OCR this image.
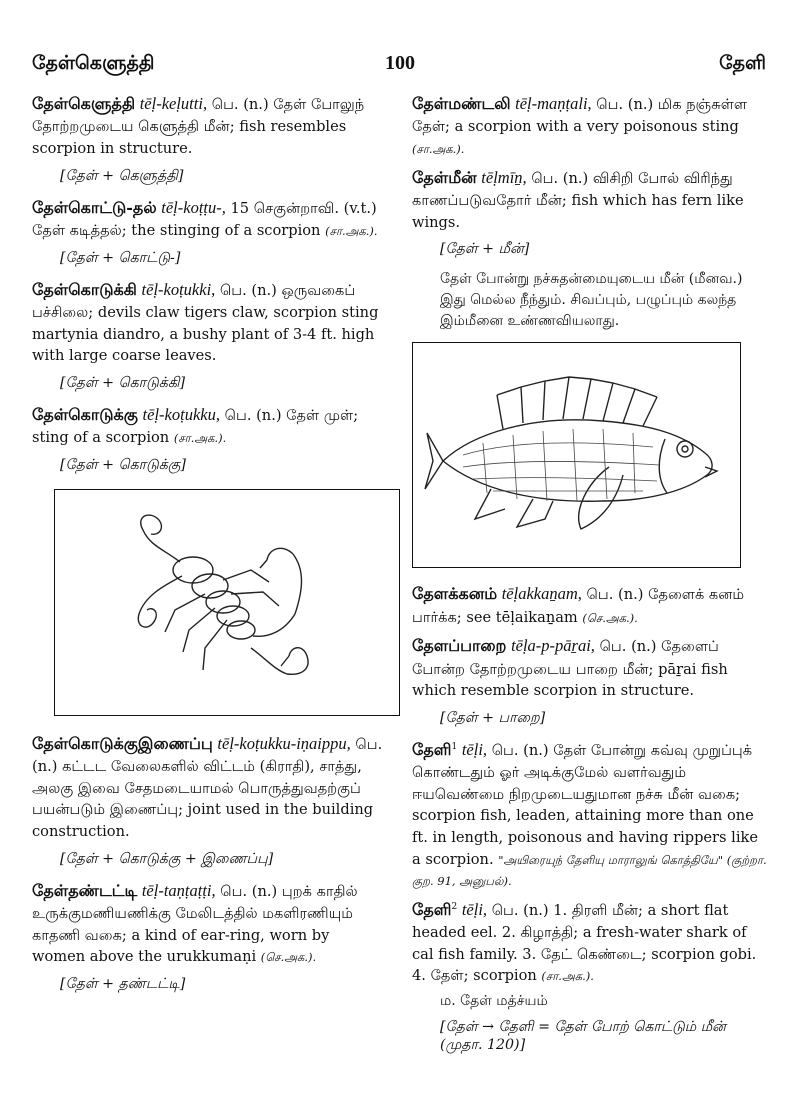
தேள்கெளுத்தி	100	தேளி
தேள்கெளுத்தி tēḷ-keḷutti, பெ. (n.) தேள் போலுந் தோற்றமுடைய கெளுத்தி மீன்; fish resembles scorpion in structure.
[தேள் + கெளுத்தி]
தேள்கொட்டு-தல் tēḷ-koṭṭu-, 15 செகுன்றாவி. (v.t.) தேள் கடித்தல்; the stinging of a scorpion (சா.அக.).
[தேள் + கொட்டு-]
தேள்கொடுக்கி tēḷ-koṭukki, பெ. (n.) ஒருவகைப் பச்சிலை; devils claw tigers claw, scorpion sting martynia diandro, a bushy plant of 3-4 ft. high with large coarse leaves.
[தேள் + கொடுக்கி]
தேள்கொடுக்கு tēḷ-koṭukku, பெ. (n.) தேள் முள்; sting of a scorpion (சா.அக.).
[தேள் + கொடுக்கு]
தேள்கொடுக்குஇணைப்பு tēḷ-koṭukku-iṇaippu, பெ. (n.) கட்டட வேலைகளில் விட்டம் (கிராதி), சாத்து, அலகு இவை சேதமடையாமல் பொருத்துவதற்குப் பயன்படும் இணைப்பு; joint used in the building construction.
[தேள் + கொடுக்கு + இணைப்பு]
தேள்தண்டட்டி tēḷ-taṇṭaṭṭi, பெ. (n.) புறக் காதில் உருக்குமணியணிக்கு மேலிடத்தில் மகளிரணியும் காதணி வகை; a kind of ear-ring, worn by women above the urukkumaṇi (செ.அக.).
[தேள் + தண்டட்டி]
தேள்மண்டலி tēḷ-maṇṭali, பெ. (n.) மிக நஞ்சுள்ள தேள்; a scorpion with a very poisonous sting (சா.அக.).
தேள்மீன் tēḷmīṉ, பெ. (n.) விசிறி போல் விரிந்து காணப்படுவதோர் மீன்; fish which has fern like wings.
[தேள் + மீன்]
தேள் போன்று நச்சுதன்மையுடைய மீன் (மீனவ.) இது மெல்ல நீந்தும். சிவப்பும், பழுப்பும் கலந்த இம்மீனை உண்ணவியலாது.
தேளக்கனம் tēḷakkaṉam, பெ. (n.) தேளைக் கனம் பார்க்க; see tēḷaikaṉam (செ.அக.).
தேளப்பாறை tēḷa-p-pāṟai, பெ. (n.) தேளைப் போன்ற தோற்றமுடைய பாறை மீன்; pāṟai fish which resemble scorpion in structure.
[தேள் + பாறை]
தேளி$^1$ tēḷi, பெ. (n.) தேள் போன்று கவ்வு முறுப்புக் கொண்டதும் ஓர் அடிக்குமேல் வளர்வதும் ஈயவெண்மை நிறமுடையதுமான நச்சு மீன் வகை; scorpion fish, leaden, attaining more than one ft. in length, poisonous and having rippers like a scorpion. "அயிரையுந் தேளியு மாராலுங் கொத்தியே" (குற்றா. குற. 91, அனுபல்).
தேளி$^2$ tēḷi, பெ. (n.) 1. திரளி மீன்; a short flat headed eel. 2. கிழாத்தி; a fresh-water shark of cal fish family. 3. தேட் கெண்டை; scorpion gobi. 4. தேள்; scorpion (சா.அக.).
ம. தேள் மத்ச்யம்
[தேள் → தேளி = தேள் போற் கொட்டும் மீன் (முதா. 120)]
